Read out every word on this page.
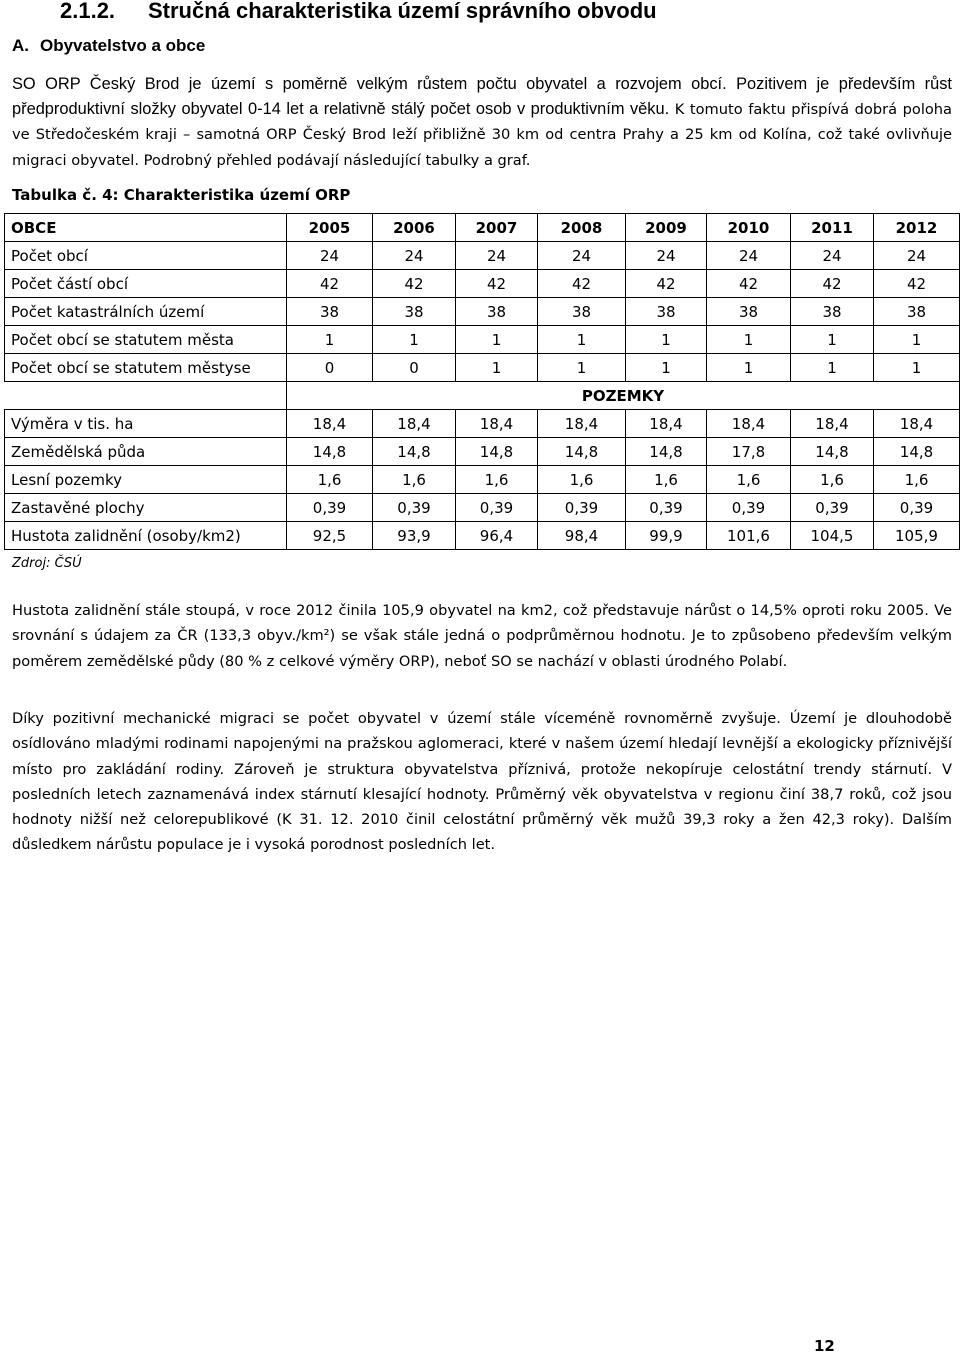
2.1.2. Stručná charakteristika území správního obvodu
A. Obyvatelstvo a obce

SO ORP Český Brod je území s poměrně velkým růstem počtu obyvatel a rozvojem obcí. Pozitivem je především růst předproduktivní složky obyvatel 0-14 let a relativně stálý počet osob v produktivním věku. K tomuto faktu přispívá dobrá poloha ve Středočeském kraji – samotná ORP Český Brod leží přibližně 30 km od centra Prahy a 25 km od Kolína, což také ovlivňuje migraci obyvatel. Podrobný přehled podávají následující tabulky a graf.

Tabulka č. 4: Charakteristika území ORP
OBCE	2005	2006	2007	2008	2009	2010	2011	2012
Počet obcí	24	24	24	24	24	24	24	24
Počet částí obcí	42	42	42	42	42	42	42	42
Počet katastrálních území	38	38	38	38	38	38	38	38
Počet obcí se statutem města	1	1	1	1	1	1	1	1
Počet obcí se statutem městyse	0	0	1	1	1	1	1	1
	POZEMKY							
Výměra v tis. ha	18,4	18,4	18,4	18,4	18,4	18,4	18,4	18,4
Zemědělská půda	14,8	14,8	14,8	14,8	14,8	17,8	14,8	14,8
Lesní pozemky	1,6	1,6	1,6	1,6	1,6	1,6	1,6	1,6
Zastavěné plochy	0,39	0,39	0,39	0,39	0,39	0,39	0,39	0,39
Hustota zalidnění (osoby/km2)	92,5	93,9	96,4	98,4	99,9	101,6	104,5	105,9
Zdroj: ČSÚ

Hustota zalidnění stále stoupá, v roce 2012 činila 105,9 obyvatel na km2, což představuje nárůst o 14,5% oproti roku 2005. Ve srovnání s údajem za ČR (133,3 obyv./km²) se však stále jedná o podprůměrnou hodnotu. Je to způsobeno především velkým poměrem zemědělské půdy (80 % z celkové výměry ORP), neboť SO se nachází v oblasti úrodného Polabí.

Díky pozitivní mechanické migraci se počet obyvatel v území stále víceméně rovnoměrně zvyšuje. Území je dlouhodobě osídlováno mladými rodinami napojenými na pražskou aglomeraci, které v našem území hledají levnější a ekologicky příznivější místo pro zakládání rodiny. Zároveň je struktura obyvatelstva příznivá, protože nekopíruje celostátní trendy stárnutí. V posledních letech zaznamenává index stárnutí klesající hodnoty. Průměrný věk obyvatelstva v regionu činí 38,7 roků, což jsou hodnoty nižší než celorepublikové (K 31. 12. 2010 činil celostátní průměrný věk mužů 39,3 roky a žen 42,3 roky). Dalším důsledkem nárůstu populace je i vysoká porodnost posledních let.

12
